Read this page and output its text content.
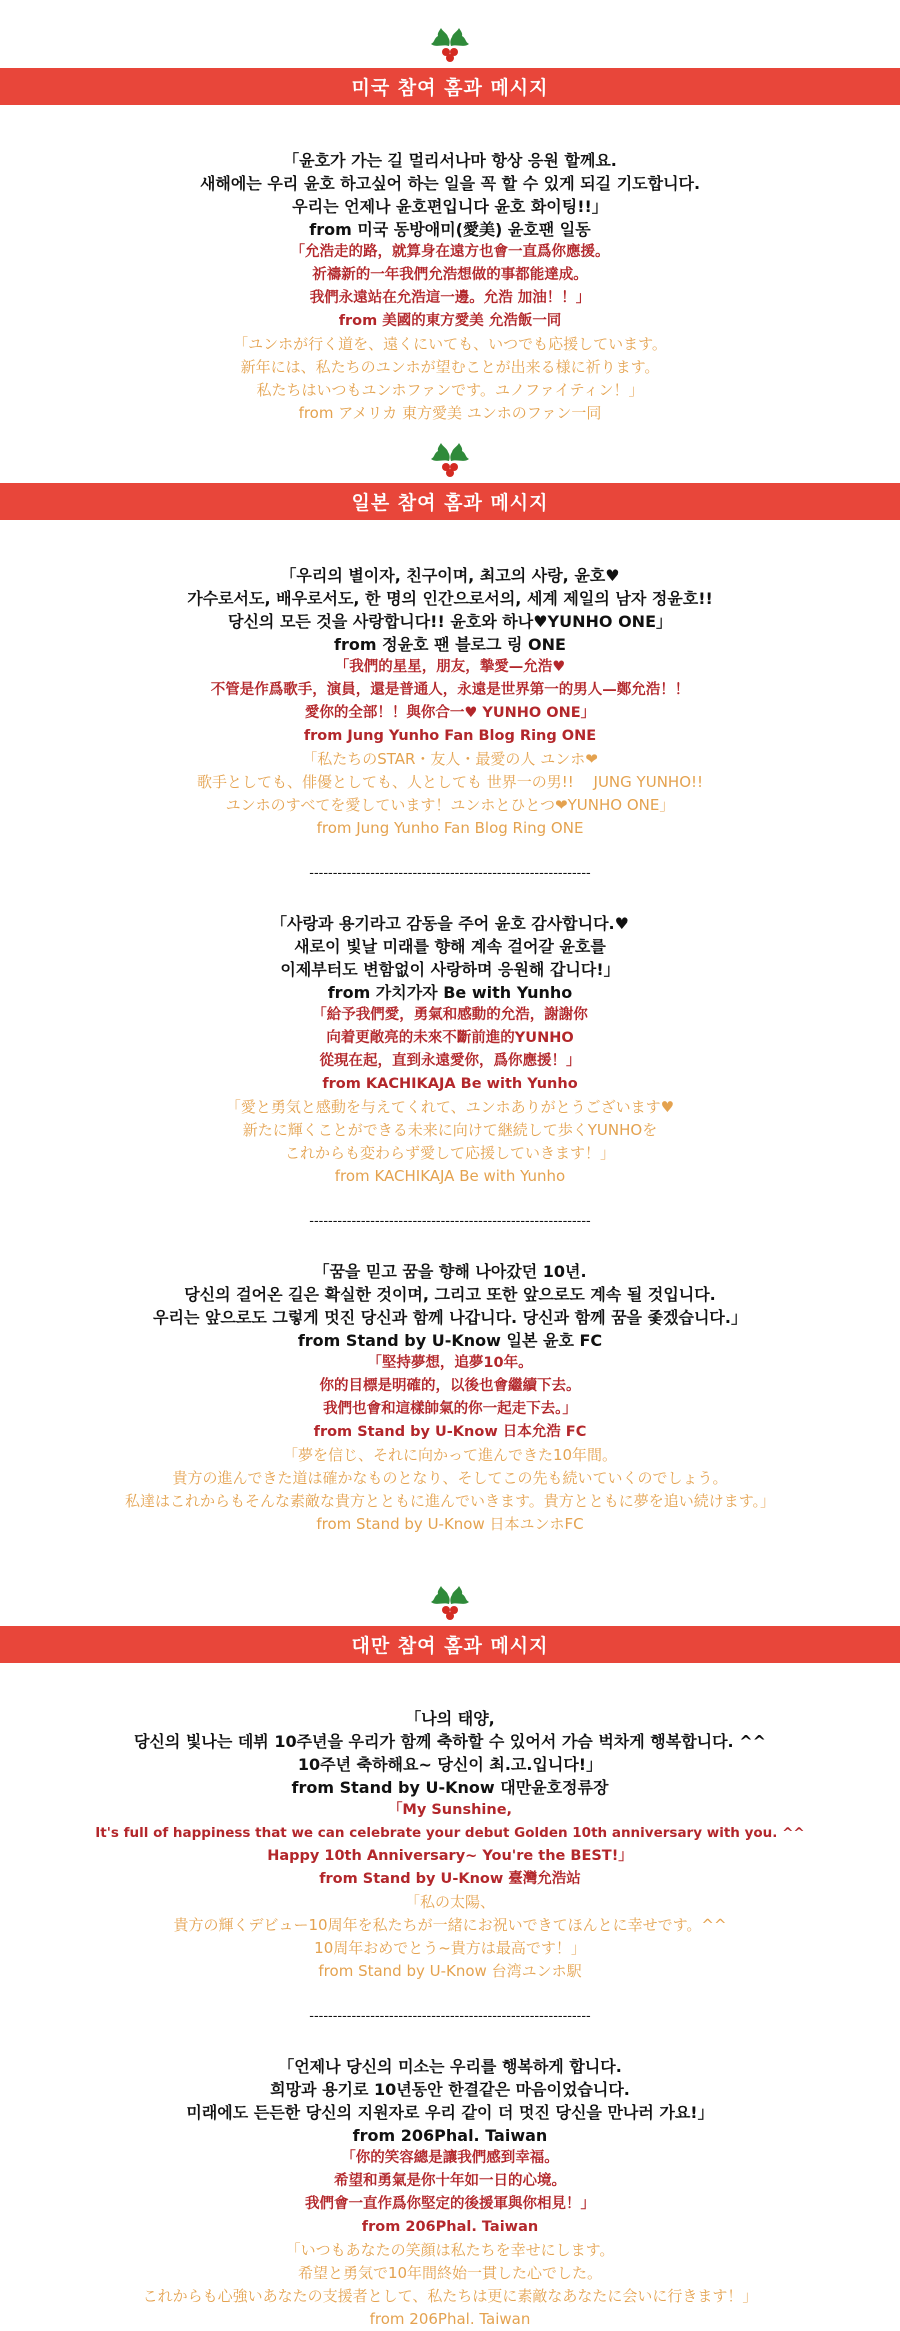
미국 참여 홈과 메시지
「윤호가 가는 길 멀리서나마 항상 응원 할께요.
새해에는 우리 윤호 하고싶어 하는 일을 꼭 할 수 있게 되길 기도합니다.
우리는 언제나 윤호편입니다 윤호 화이팅!!」
from 미국 동방애미(愛美) 윤호팬 일동
「允浩走的路，就算身在遠方也會一直爲你應援。
祈禱新的一年我們允浩想做的事都能達成。
我們永遠站在允浩這一邊。允浩 加油！！」
from 美國的東方愛美 允浩飯一同
「ユンホが行く道を、遠くにいても、いつでも応援しています。
新年には、私たちのユンホが望むことが出来る様に祈ります。
私たちはいつもユンホファンです。ユノファイティン！」
from アメリカ 東方愛美 ユンホのファン一同
일본 참여 홈과 메시지
「우리의 별이자, 친구이며, 최고의 사랑, 윤호♥
가수로서도, 배우로서도, 한 명의 인간으로서의, 세계 제일의 남자 정윤호!!
당신의 모든 것을 사랑합니다!! 윤호와 하나♥YUNHO ONE」
from 정윤호 팬 블로그 링 ONE
「我們的星星，朋友，摯愛—允浩♥
不管是作爲歌手，演員，還是普通人，永遠是世界第一的男人—鄭允浩！！
愛你的全部！！與你合一♥ YUNHO ONE」
from Jung Yunho Fan Blog Ring ONE
「私たちのSTAR・友人・最愛の人 ユンホ❤
歌手としても、俳優としても、人としても 世界一の男!!　 JUNG YUNHO!!
ユンホのすべてを愛しています！ユンホとひとつ❤YUNHO ONE」
from Jung Yunho Fan Blog Ring ONE
------------------------------------------------------------
「사랑과 용기라고 감동을 주어 윤호 감사합니다.♥
새로이 빛날 미래를 향해 계속 걸어갈 윤호를
이제부터도 변함없이 사랑하며 응원해 갑니다!」
from 가치가자 Be with Yunho
「給予我們愛，勇氣和感動的允浩，謝謝你
向着更敞亮的未來不斷前進的YUNHO
從現在起，直到永遠愛你，爲你應援！」
from KACHIKAJA Be with Yunho
「愛と勇気と感動を与えてくれて、ユンホありがとうございます♥
新たに輝くことができる未来に向けて継続して歩くYUNHOを
これからも変わらず愛して応援していきます！」
from KACHIKAJA Be with Yunho
------------------------------------------------------------
「꿈을 믿고 꿈을 향해 나아갔던 10년.
당신의 걸어온 길은 확실한 것이며, 그리고 또한 앞으로도 계속 될 것입니다.
우리는 앞으로도 그렇게 멋진 당신과 함께 나갑니다. 당신과 함께 꿈을 좇겠습니다.」
from Stand by U-Know 일본 윤호 FC
「堅持夢想，追夢10年。
你的目標是明確的，以後也會繼續下去。
我們也會和這樣帥氣的你一起走下去。」
from Stand by U-Know 日本允浩 FC
「夢を信じ、それに向かって進んできた10年間。
貴方の進んできた道は確かなものとなり、そしてこの先も続いていくのでしょう。
私達はこれからもそんな素敵な貴方とともに進んでいきます。貴方とともに夢を追い続けます。」
from Stand by U-Know 日本ユンホFC
대만 참여 홈과 메시지
「나의 태양,
당신의 빛나는 데뷔 10주년을 우리가 함께 축하할 수 있어서 가슴 벅차게 행복합니다. ^^
10주년 축하해요~ 당신이 최.고.입니다!」
from Stand by U-Know 대만윤호정류장
「My Sunshine,
It's full of happiness that we can celebrate your debut Golden 10th anniversary with you. ^^
Happy 10th Anniversary~ You're the BEST!」
from Stand by U-Know 臺灣允浩站
「私の太陽、
貴方の輝くデビュー10周年を私たちが一緒にお祝いできてほんとに幸せです。^^
10周年おめでとう~貴方は最高です！」
from Stand by U-Know 台湾ユンホ駅
------------------------------------------------------------
「언제나 당신의 미소는 우리를 행복하게 합니다.
희망과 용기로 10년동안 한결같은 마음이었습니다.
미래에도 든든한 당신의 지원자로 우리 같이 더 멋진 당신을 만나러 가요!」
from 206Phal. Taiwan
「你的笑容總是讓我們感到幸福。
希望和勇氣是你十年如一日的心境。
我們會一直作爲你堅定的後援軍與你相見！」
from 206Phal. Taiwan
「いつもあなたの笑顔は私たちを幸せにします。
希望と勇気で10年間終始一貫した心でした。
これからも心強いあなたの支援者として、私たちは更に素敵なあなたに会いに行きます！」
from 206Phal. Taiwan
